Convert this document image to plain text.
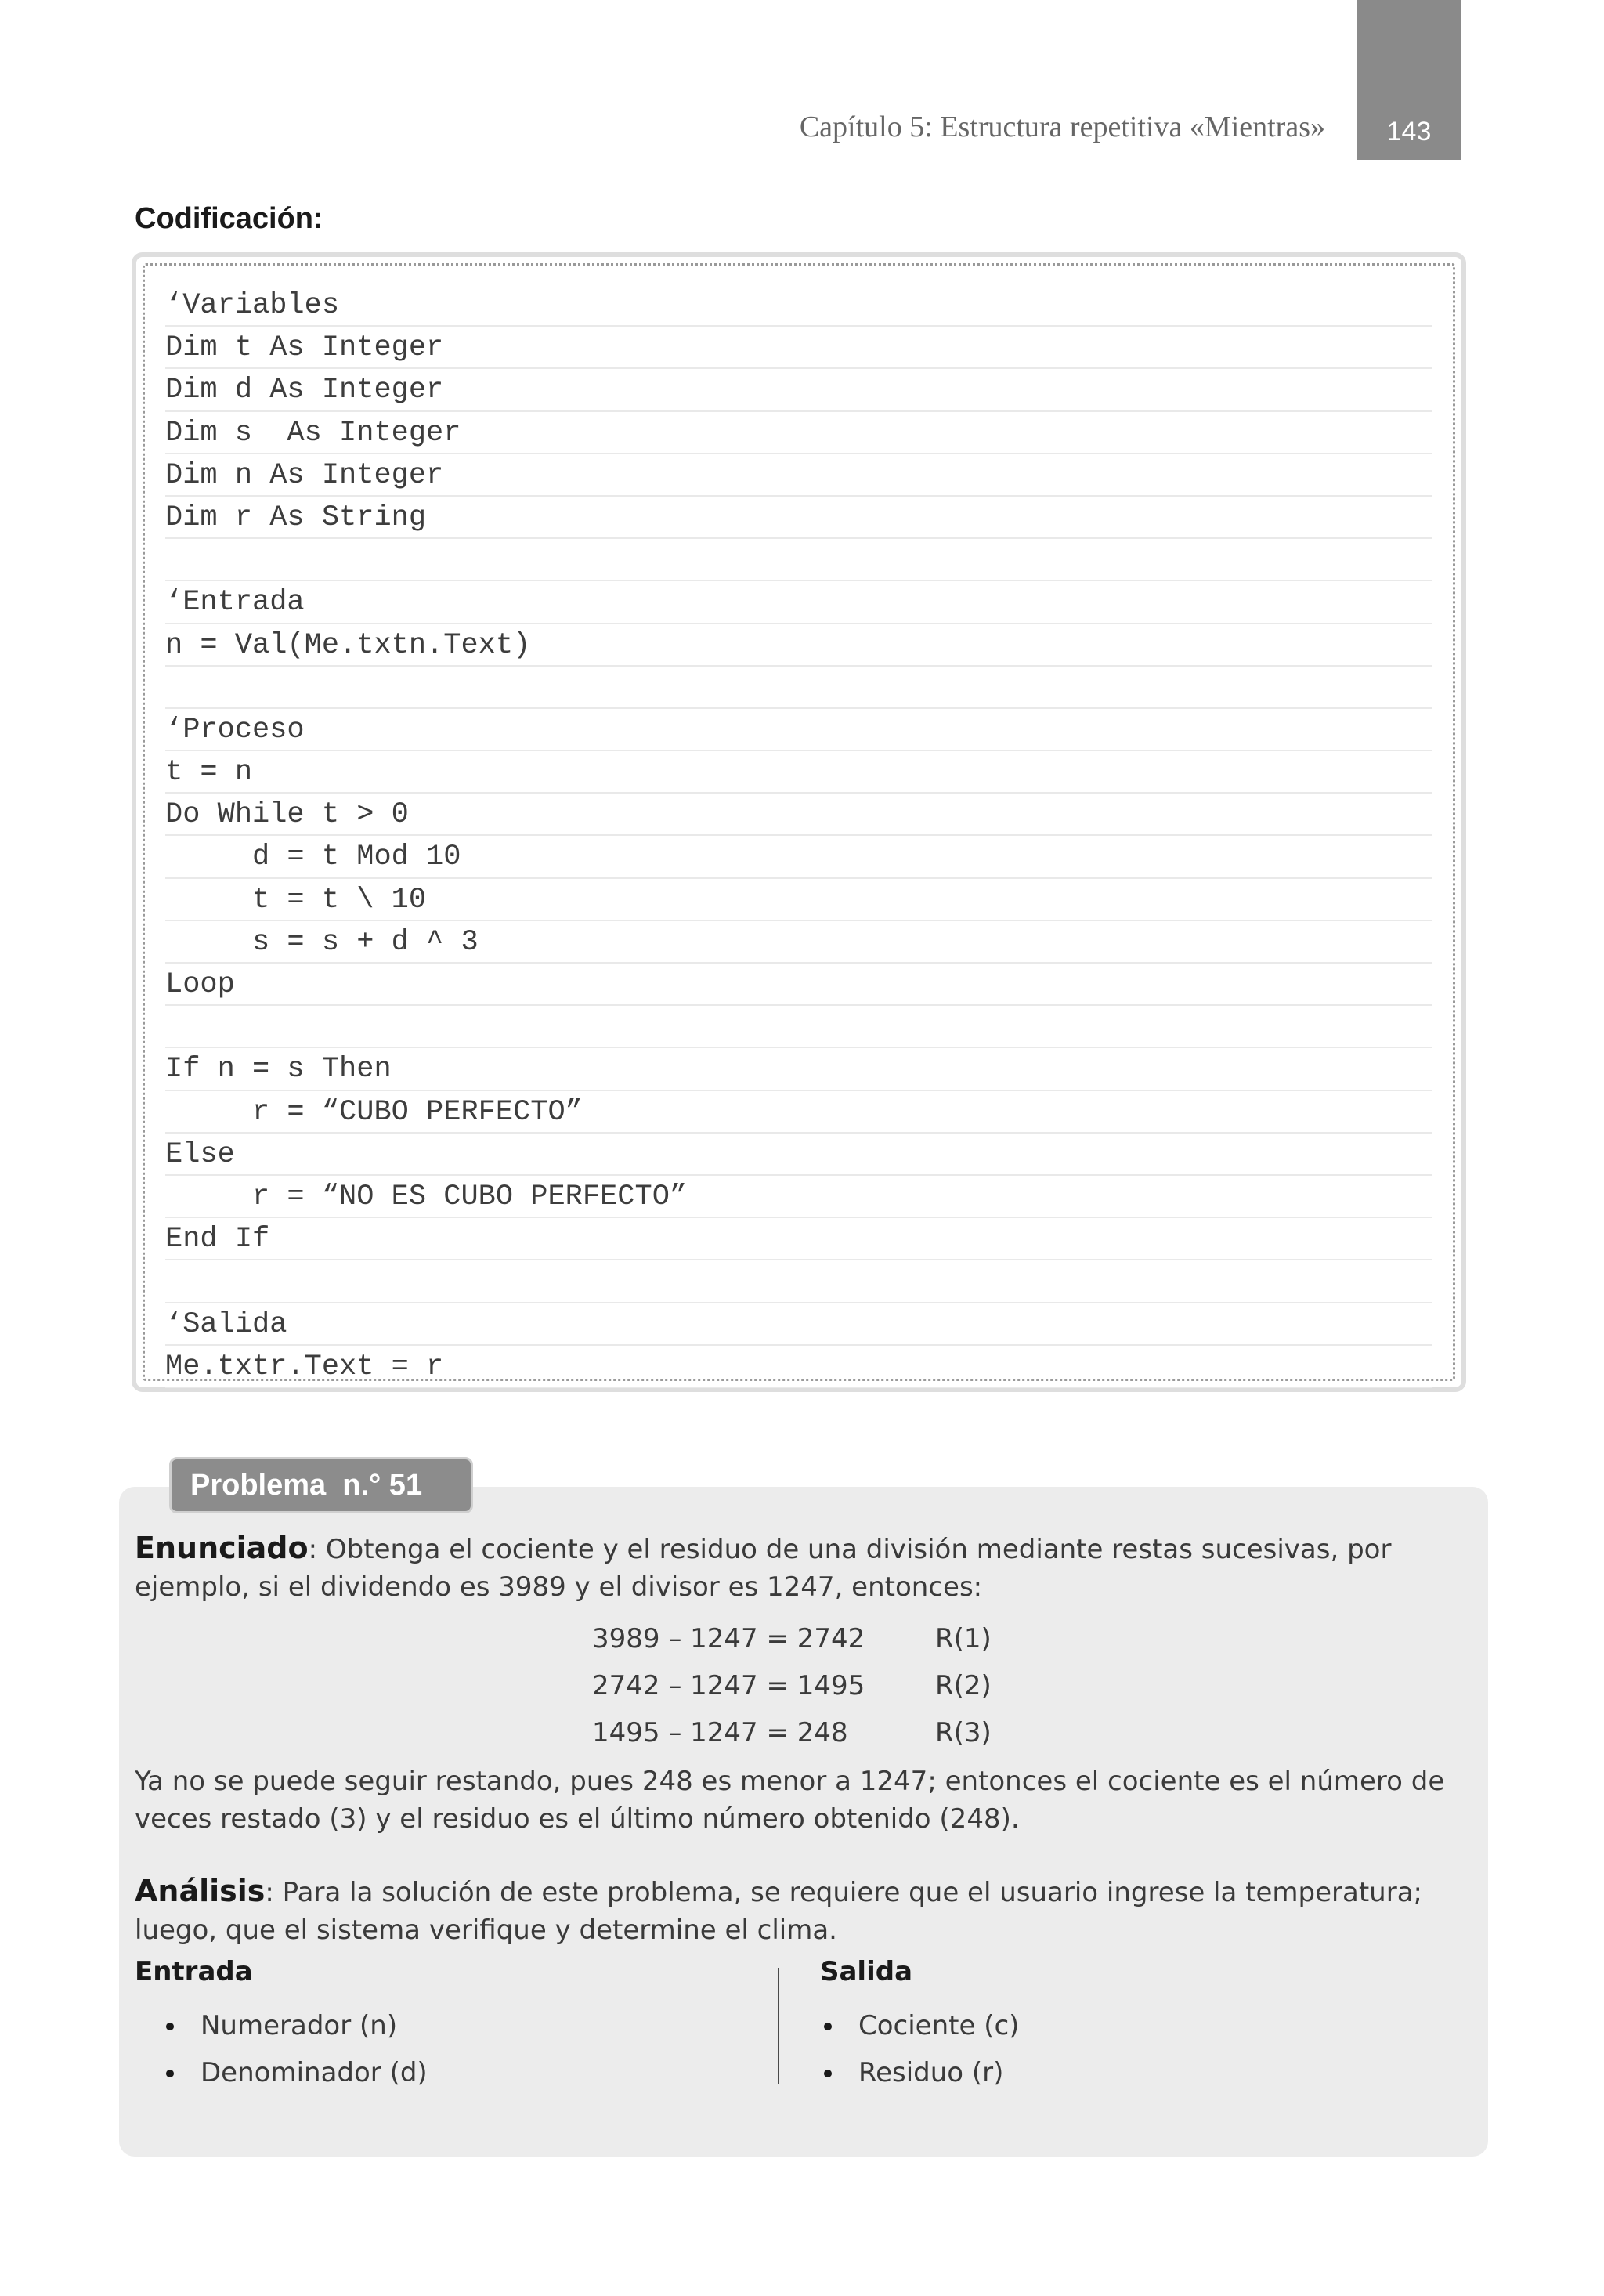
Capítulo 5: Estructura repetitiva «Mientras»	143
Codificación:
‘Variables
Dim t As Integer
Dim d As Integer
Dim s  As Integer
Dim n As Integer
Dim r As String
‘Entrada
n = Val(Me.txtn.Text)
‘Proceso
t = n
Do While t > 0
d = t Mod 10
t = t \ 10
s = s + d ^ 3
Loop
If n = s Then
r = “CUBO PERFECTO”
Else
r = “NO ES CUBO PERFECTO”
End If
‘Salida
Me.txtr.Text = r
Problema  n.° 51
Enunciado: Obtenga el cociente y el residuo de una división mediante restas sucesivas, por ejemplo, si el dividendo es 3989 y el divisor es 1247, entonces:
3989 – 1247 = 2742	R(1)
2742 – 1247 = 1495	R(2)
1495 – 1247 = 248	R(3)
Ya no se puede seguir restando, pues 248 es menor a 1247; entonces el cociente es el número de veces restado (3) y el residuo es el último número obtenido (248).
Análisis: Para la solución de este problema, se requiere que el usuario ingrese la temperatura; luego, que el sistema verifique y determine el clima.
Entrada
Numerador (n)
Denominador (d)
Salida
Cociente (c)
Residuo (r)
